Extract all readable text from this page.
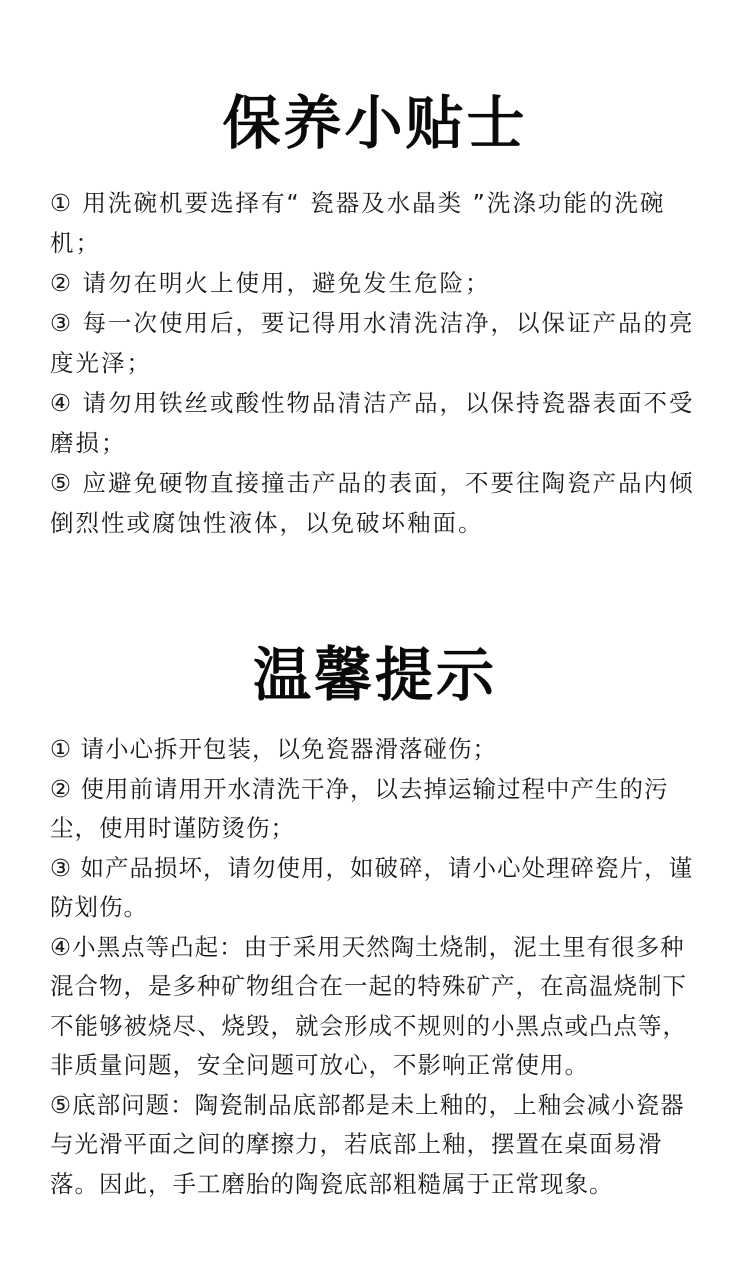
保养小贴士

① 用洗碗机要选择有“ 瓷器及水晶类 ”洗涤功能的洗碗机；

② 请勿在明火上使用，避免发生危险；

③ 每一次使用后，要记得用水清洗洁净，以保证产品的亮度光泽；

④ 请勿用铁丝或酸性物品清洁产品，以保持瓷器表面不受磨损；

⑤ 应避免硬物直接撞击产品的表面，不要往陶瓷产品内倾倒烈性或腐蚀性液体，以免破坏釉面。

温馨提示

① 请小心拆开包装，以免瓷器滑落碰伤；

② 使用前请用开水清洗干净，以去掉运输过程中产生的污尘，使用时谨防烫伤；

③ 如产品损坏，请勿使用，如破碎，请小心处理碎瓷片，谨防划伤。

④小黑点等凸起：由于采用天然陶土烧制，泥土里有很多种混合物，是多种矿物组合在一起的特殊矿产，在高温烧制下不能够被烧尽、烧毁，就会形成不规则的小黑点或凸点等，非质量问题，安全问题可放心，不影响正常使用。

⑤底部问题：陶瓷制品底部都是未上釉的，上釉会减小瓷器与光滑平面之间的摩擦力，若底部上釉，摆置在桌面易滑落。因此，手工磨胎的陶瓷底部粗糙属于正常现象。
